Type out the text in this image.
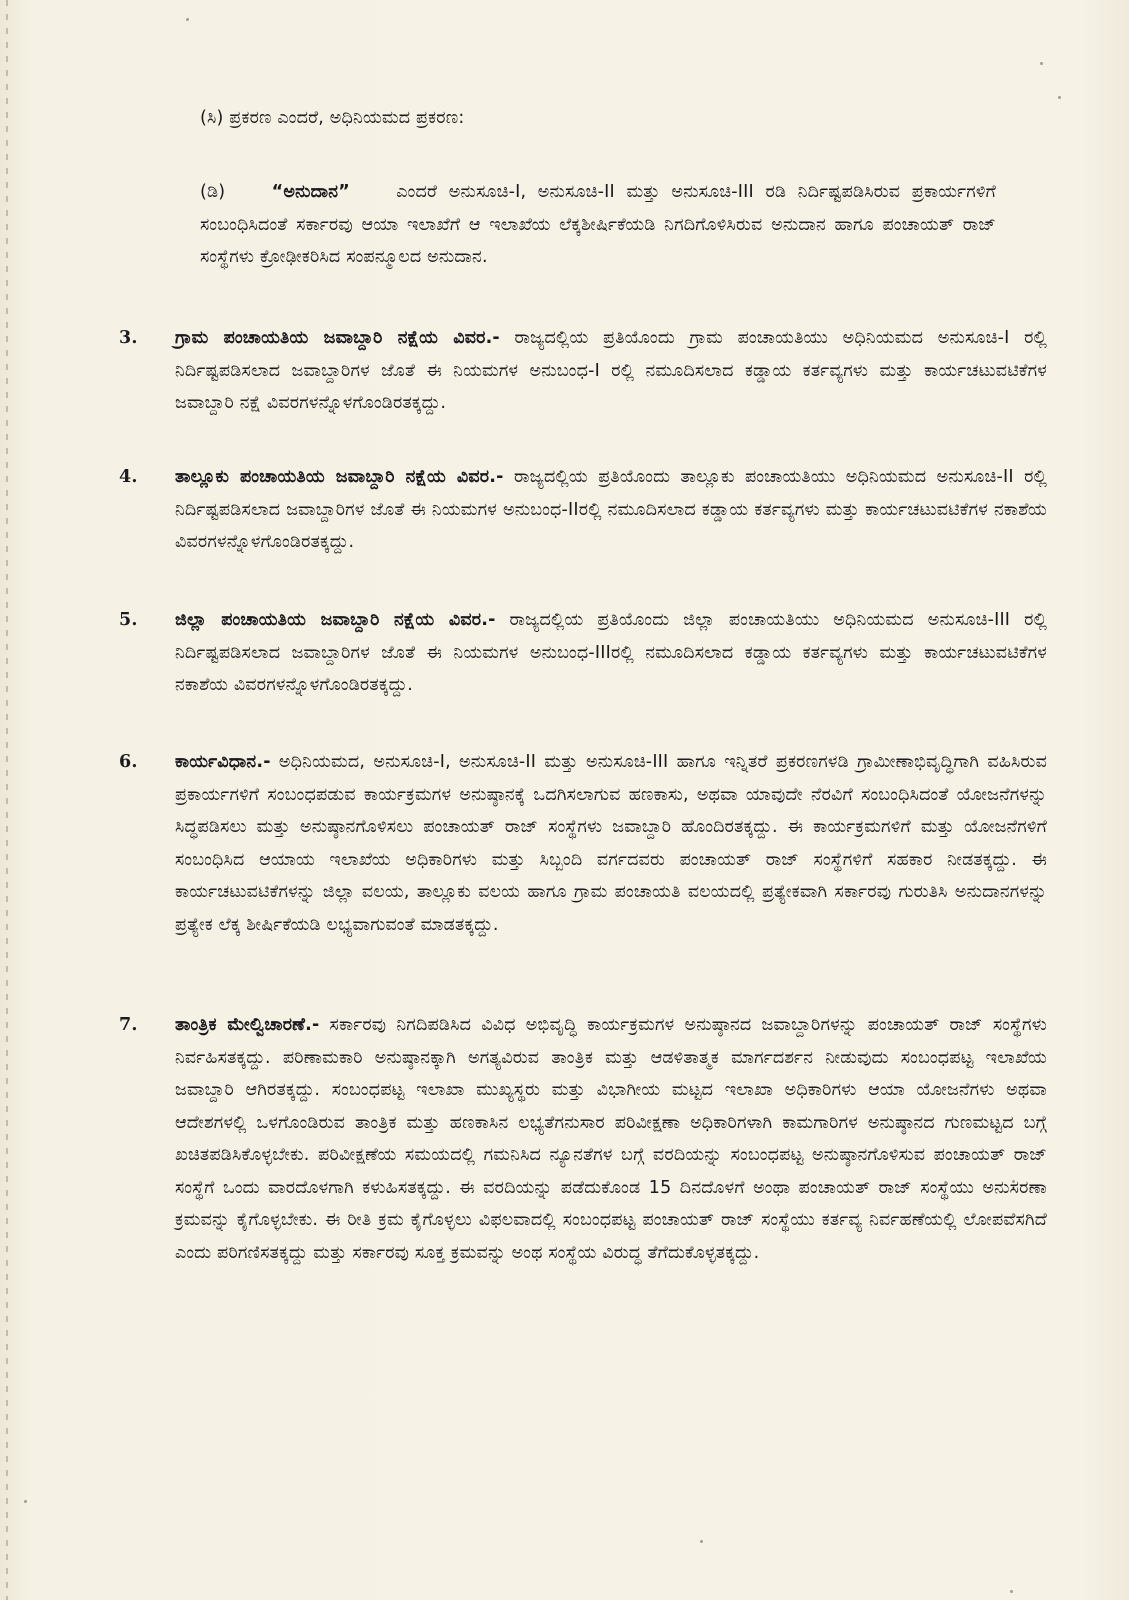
(ಸಿ) ಪ್ರಕರಣ ಎಂದರೆ, ಅಧಿನಿಯಮದ ಪ್ರಕರಣ:
(ಡಿ)	“ಅನುದಾನ”	ಎಂದರೆ ಅನುಸೂಚಿ-I, ಅನುಸೂಚಿ-II ಮತ್ತು ಅನುಸೂಚಿ-III ರಡಿ ನಿರ್ದಿಷ್ಟಪಡಿಸಿರುವ ಪ್ರಕಾರ್ಯಗಳಿಗೆ ಸಂಬಂಧಿಸಿದಂತೆ ಸರ್ಕಾರವು ಆಯಾ ಇಲಾಖೆಗೆ ಆ ಇಲಾಖೆಯ ಲೆಕ್ಕಶೀರ್ಷಿಕೆಯಡಿ ನಿಗದಿಗೊಳಿಸಿರುವ ಅನುದಾನ ಹಾಗೂ ಪಂಚಾಯತ್ ರಾಜ್ ಸಂಸ್ಥೆಗಳು ಕ್ರೋಢೀಕರಿಸಿದ ಸಂಪನ್ಮೂಲದ ಅನುದಾನ.
3. ಗ್ರಾಮ ಪಂಚಾಯತಿಯ ಜವಾಬ್ದಾರಿ ನಕ್ಷೆಯ ವಿವರ.- ರಾಜ್ಯದಲ್ಲಿಯ ಪ್ರತಿಯೊಂದು ಗ್ರಾಮ ಪಂಚಾಯತಿಯು ಅಧಿನಿಯಮದ ಅನುಸೂಚಿ-I ರಲ್ಲಿ ನಿರ್ದಿಷ್ಟಪಡಿಸಲಾದ ಜವಾಬ್ದಾರಿಗಳ ಜೊತೆ ಈ ನಿಯಮಗಳ ಅನುಬಂಧ-I ರಲ್ಲಿ ನಮೂದಿಸಲಾದ ಕಡ್ಡಾಯ ಕರ್ತವ್ಯಗಳು ಮತ್ತು ಕಾರ್ಯಚಟುವಟಿಕೆಗಳ ಜವಾಬ್ದಾರಿ ನಕ್ಷೆ ವಿವರಗಳನ್ನೊಳಗೊಂಡಿರತಕ್ಕದ್ದು.
4. ತಾಲ್ಲೂಕು ಪಂಚಾಯತಿಯ ಜವಾಬ್ದಾರಿ ನಕ್ಷೆಯ ವಿವರ.- ರಾಜ್ಯದಲ್ಲಿಯ ಪ್ರತಿಯೊಂದು ತಾಲ್ಲೂಕು ಪಂಚಾಯತಿಯು ಅಧಿನಿಯಮದ ಅನುಸೂಚಿ-II ರಲ್ಲಿ ನಿರ್ದಿಷ್ಟಪಡಿಸಲಾದ ಜವಾಬ್ದಾರಿಗಳ ಜೊತೆ ಈ ನಿಯಮಗಳ ಅನುಬಂಧ-IIರಲ್ಲಿ ನಮೂದಿಸಲಾದ ಕಡ್ಡಾಯ ಕರ್ತವ್ಯಗಳು ಮತ್ತು ಕಾರ್ಯಚಟುವಟಿಕೆಗಳ ನಕಾಶೆಯ ವಿವರಗಳನ್ನೊಳಗೊಂಡಿರತಕ್ಕದ್ದು.
5. ಜಿಲ್ಲಾ ಪಂಚಾಯತಿಯ ಜವಾಬ್ದಾರಿ ನಕ್ಷೆಯ ವಿವರ.- ರಾಜ್ಯದಲ್ಲಿಯ ಪ್ರತಿಯೊಂದು ಜಿಲ್ಲಾ ಪಂಚಾಯತಿಯು ಅಧಿನಿಯಮದ ಅನುಸೂಚಿ-III ರಲ್ಲಿ ನಿರ್ದಿಷ್ಟಪಡಿಸಲಾದ ಜವಾಬ್ದಾರಿಗಳ ಜೊತೆ ಈ ನಿಯಮಗಳ ಅನುಬಂಧ-IIIರಲ್ಲಿ ನಮೂದಿಸಲಾದ ಕಡ್ಡಾಯ ಕರ್ತವ್ಯಗಳು ಮತ್ತು ಕಾರ್ಯಚಟುವಟಿಕೆಗಳ ನಕಾಶೆಯ ವಿವರಗಳನ್ನೊಳಗೊಂಡಿರತಕ್ಕದ್ದು.
6. ಕಾರ್ಯವಿಧಾನ.- ಅಧಿನಿಯಮದ, ಅನುಸೂಚಿ-I, ಅನುಸೂಚಿ-II ಮತ್ತು ಅನುಸೂಚಿ-III ಹಾಗೂ ಇನ್ನಿತರೆ ಪ್ರಕರಣಗಳಡಿ ಗ್ರಾಮೀಣಾಭಿವೃದ್ಧಿಗಾಗಿ ವಹಿಸಿರುವ ಪ್ರಕಾರ್ಯಗಳಿಗೆ ಸಂಬಂಧಪಡುವ ಕಾರ್ಯಕ್ರಮಗಳ ಅನುಷ್ಠಾನಕ್ಕೆ ಒದಗಿಸಲಾಗುವ ಹಣಕಾಸು, ಅಥವಾ ಯಾವುದೇ ನೆರವಿಗೆ ಸಂಬಂಧಿಸಿದಂತೆ ಯೋಜನೆಗಳನ್ನು ಸಿದ್ಧಪಡಿಸಲು ಮತ್ತು ಅನುಷ್ಠಾನಗೊಳಿಸಲು ಪಂಚಾಯತ್ ರಾಜ್ ಸಂಸ್ಥೆಗಳು ಜವಾಬ್ದಾರಿ ಹೊಂದಿರತಕ್ಕದ್ದು. ಈ ಕಾರ್ಯಕ್ರಮಗಳಿಗೆ ಮತ್ತು ಯೋಜನೆಗಳಿಗೆ ಸಂಬಂಧಿಸಿದ ಆಯಾಯ ಇಲಾಖೆಯ ಅಧಿಕಾರಿಗಳು ಮತ್ತು ಸಿಬ್ಬಂದಿ ವರ್ಗದವರು ಪಂಚಾಯತ್ ರಾಜ್ ಸಂಸ್ಥೆಗಳಿಗೆ ಸಹಕಾರ ನೀಡತಕ್ಕದ್ದು. ಈ ಕಾರ್ಯಚಟುವಟಿಕೆಗಳನ್ನು ಜಿಲ್ಲಾ ವಲಯ, ತಾಲ್ಲೂಕು ವಲಯ ಹಾಗೂ ಗ್ರಾಮ ಪಂಚಾಯತಿ ವಲಯದಲ್ಲಿ ಪ್ರತ್ಯೇಕವಾಗಿ ಸರ್ಕಾರವು ಗುರುತಿಸಿ ಅನುದಾನಗಳನ್ನು ಪ್ರತ್ಯೇಕ ಲೆಕ್ಕ ಶೀರ್ಷಿಕೆಯಡಿ ಲಭ್ಯವಾಗುವಂತೆ ಮಾಡತಕ್ಕದ್ದು.
7. ತಾಂತ್ರಿಕ ಮೇಲ್ವಿಚಾರಣೆ.- ಸರ್ಕಾರವು ನಿಗದಿಪಡಿಸಿದ ವಿವಿಧ ಅಭಿವೃದ್ಧಿ ಕಾರ್ಯಕ್ರಮಗಳ ಅನುಷ್ಠಾನದ ಜವಾಬ್ದಾರಿಗಳನ್ನು ಪಂಚಾಯತ್ ರಾಜ್ ಸಂಸ್ಥೆಗಳು ನಿರ್ವಹಿಸತಕ್ಕದ್ದು. ಪರಿಣಾಮಕಾರಿ ಅನುಷ್ಠಾನಕ್ಕಾಗಿ ಅಗತ್ಯವಿರುವ ತಾಂತ್ರಿಕ ಮತ್ತು ಆಡಳಿತಾತ್ಮಕ ಮಾರ್ಗದರ್ಶನ ನೀಡುವುದು ಸಂಬಂಧಪಟ್ಟ ಇಲಾಖೆಯ ಜವಾಬ್ದಾರಿ ಆಗಿರತಕ್ಕದ್ದು. ಸಂಬಂಧಪಟ್ಟ ಇಲಾಖಾ ಮುಖ್ಯಸ್ಥರು ಮತ್ತು ವಿಭಾಗೀಯ ಮಟ್ಟದ ಇಲಾಖಾ ಅಧಿಕಾರಿಗಳು ಆಯಾ ಯೋಜನೆಗಳು ಅಥವಾ ಆದೇಶಗಳಲ್ಲಿ ಒಳಗೊಂಡಿರುವ ತಾಂತ್ರಿಕ ಮತ್ತು ಹಣಕಾಸಿನ ಲಭ್ಯತೆಗನುಸಾರ ಪರಿವೀಕ್ಷಣಾ ಅಧಿಕಾರಿಗಳಾಗಿ ಕಾಮಗಾರಿಗಳ ಅನುಷ್ಠಾನದ ಗುಣಮಟ್ಟದ ಬಗ್ಗೆ ಖಚಿತಪಡಿಸಿಕೊಳ್ಳಬೇಕು. ಪರಿವೀಕ್ಷಣೆಯ ಸಮಯದಲ್ಲಿ ಗಮನಿಸಿದ ನ್ಯೂನತೆಗಳ ಬಗ್ಗೆ ವರದಿಯನ್ನು ಸಂಬಂಧಪಟ್ಟ ಅನುಷ್ಠಾನಗೊಳಿಸುವ ಪಂಚಾಯತ್ ರಾಜ್ ಸಂಸ್ಥೆಗೆ ಒಂದು ವಾರದೊಳಗಾಗಿ ಕಳುಹಿಸತಕ್ಕದ್ದು. ಈ ವರದಿಯನ್ನು ಪಡೆದುಕೊಂಡ 15 ದಿನದೊಳಗೆ ಅಂಥಾ ಪಂಚಾಯತ್ ರಾಜ್ ಸಂಸ್ಥೆಯು ಅನುಸರಣಾ ಕ್ರಮವನ್ನು ಕೈಗೊಳ್ಳಬೇಕು. ಈ ರೀತಿ ಕ್ರಮ ಕೈಗೊಳ್ಳಲು ವಿಫಲವಾದಲ್ಲಿ ಸಂಬಂಧಪಟ್ಟ ಪಂಚಾಯತ್ ರಾಜ್ ಸಂಸ್ಥೆಯು ಕರ್ತವ್ಯ ನಿರ್ವಹಣೆಯಲ್ಲಿ ಲೋಪವೆಸಗಿದೆ ಎಂದು ಪರಿಗಣಿಸತಕ್ಕದ್ದು ಮತ್ತು ಸರ್ಕಾರವು ಸೂಕ್ತ ಕ್ರಮವನ್ನು ಅಂಥ ಸಂಸ್ಥೆಯ ವಿರುದ್ಧ ತೆಗೆದುಕೊಳ್ಳತಕ್ಕದ್ದು.
